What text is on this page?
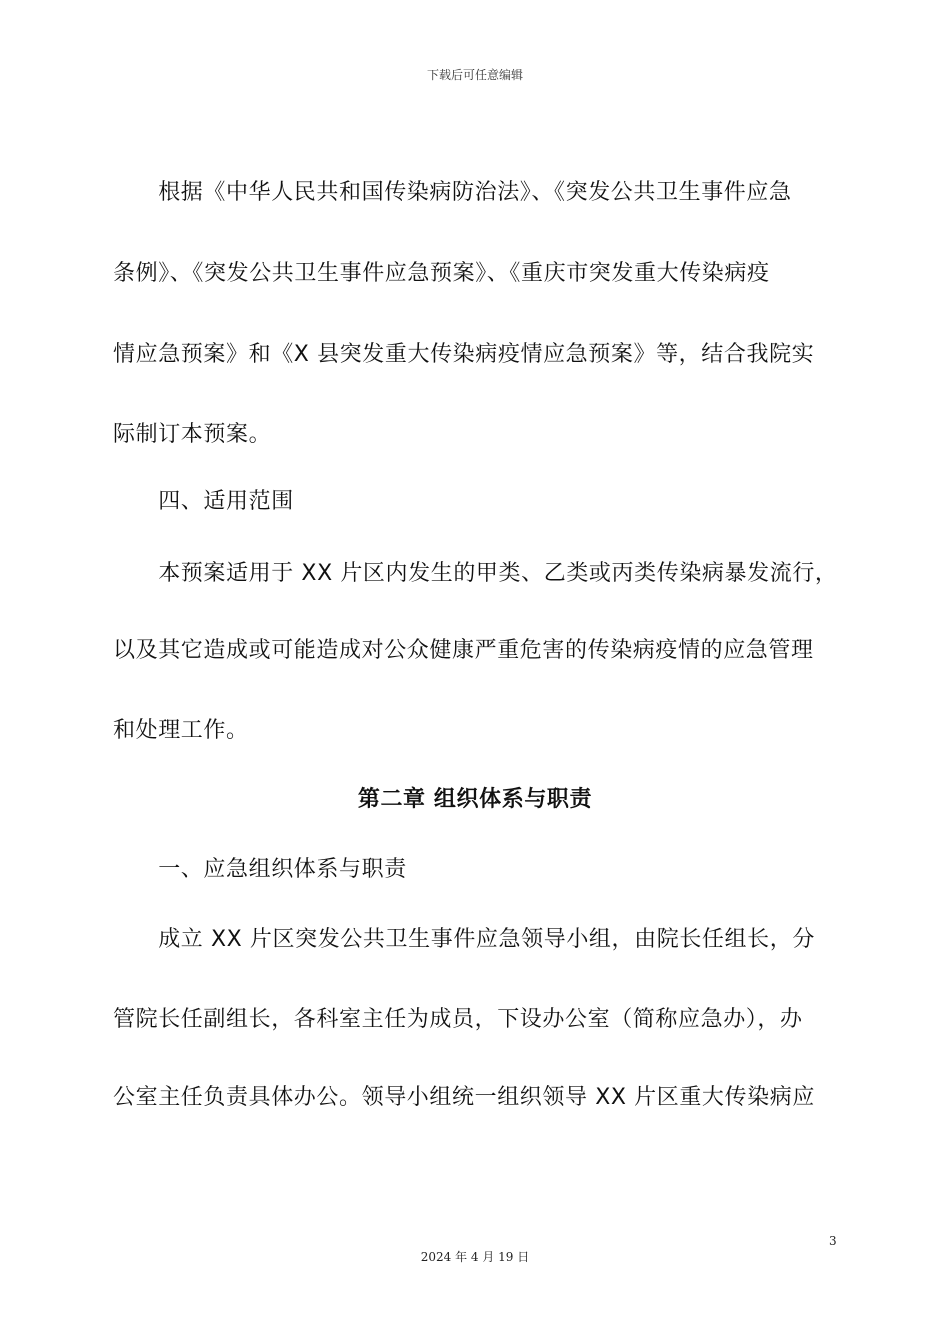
下载后可任意编辑
　　根据《中华人民共和国传染病防治法》、《突发公共卫生事件应急
条例》、《突发公共卫生事件应急预案》、《重庆市突发重大传染病疫
情应急预案》和《X 县突发重大传染病疫情应急预案》等，结合我院实
际制订本预案。
　　四、适用范围
　　本预案适用于 XX 片区内发生的甲类、乙类或丙类传染病暴发流行，
以及其它造成或可能造成对公众健康严重危害的传染病疫情的应急管理
和处理工作。
第二章 组织体系与职责
　　一、应急组织体系与职责
　　成立 XX 片区突发公共卫生事件应急领导小组，由院长任组长，分
管院长任副组长，各科室主任为成员，下设办公室（简称应急办），办
公室主任负责具体办公。领导小组统一组织领导 XX 片区重大传染病应
3
2024 年 4 月 19 日
